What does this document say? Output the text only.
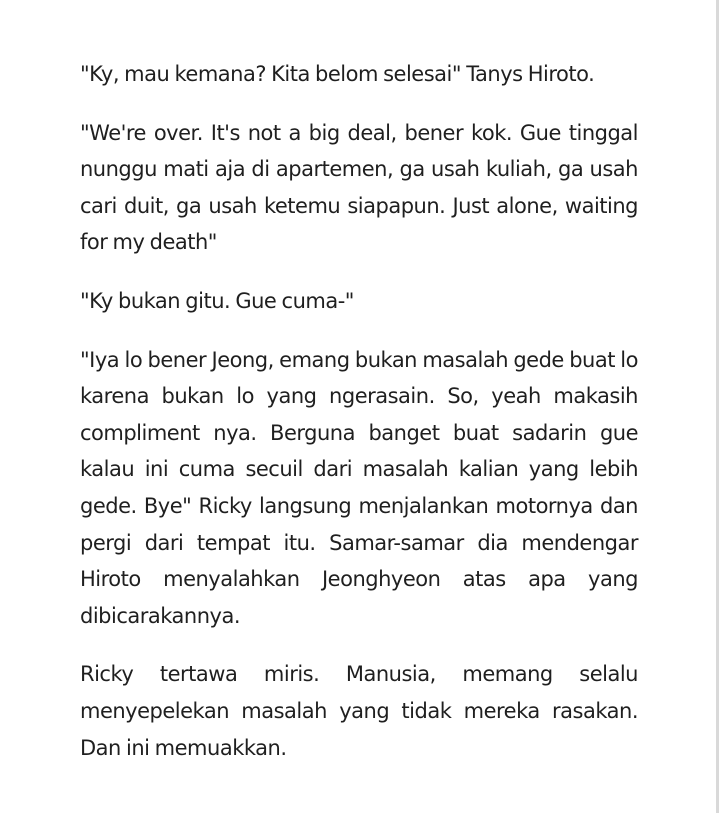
"Ky, mau kemana? Kita belom selesai" Tanys Hiroto.

"We're over. It's not a big deal, bener kok. Gue tinggal nunggu mati aja di apartemen, ga usah kuliah, ga usah cari duit, ga usah ketemu siapapun. Just alone, waiting for my death"

"Ky bukan gitu. Gue cuma-"

"Iya lo bener Jeong, emang bukan masalah gede buat lo karena bukan lo yang ngerasain. So, yeah makasih compliment nya. Berguna banget buat sadarin gue kalau ini cuma secuil dari masalah kalian yang lebih gede. Bye" Ricky langsung menjalankan motornya dan pergi dari tempat itu. Samar-samar dia mendengar Hiroto menyalahkan Jeonghyeon atas apa yang dibicarakannya.

Ricky tertawa miris. Manusia, memang selalu menyepelekan masalah yang tidak mereka rasakan. Dan ini memuakkan.
